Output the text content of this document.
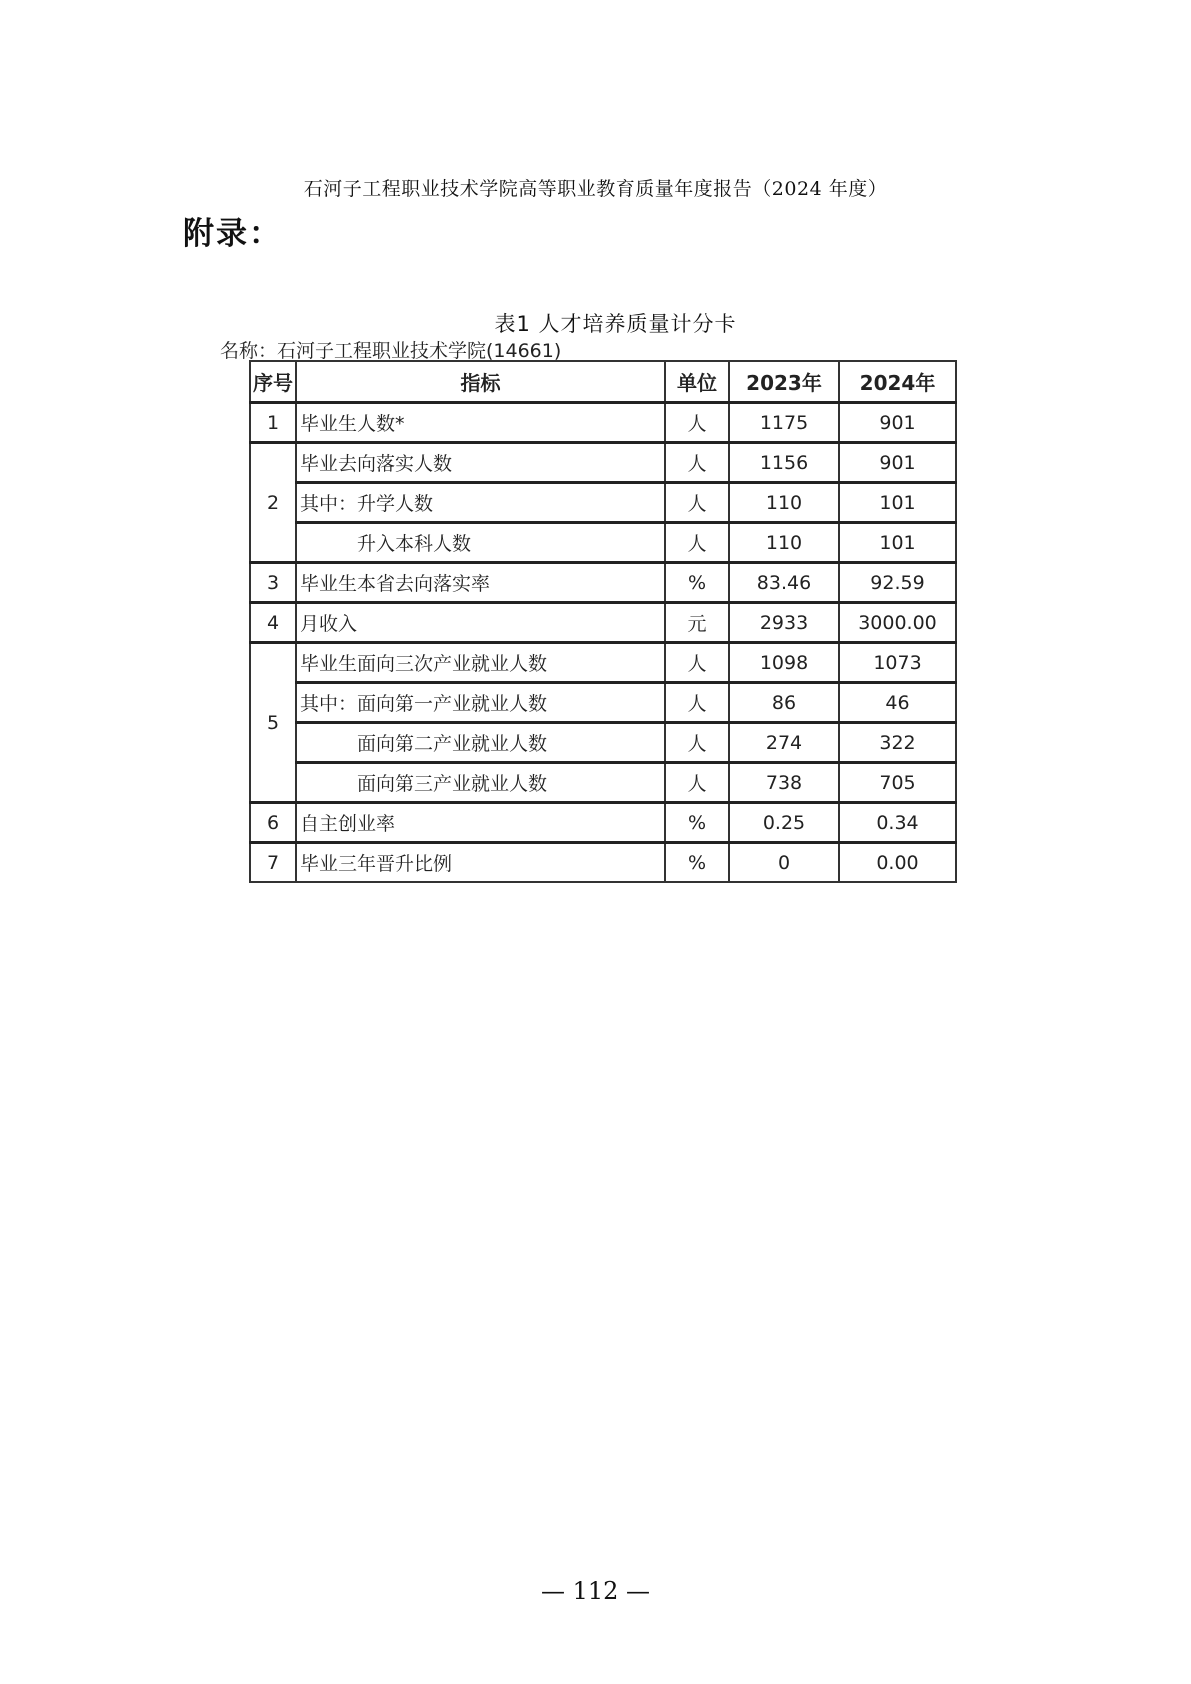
石河子工程职业技术学院高等职业教育质量年度报告（2024 年度）
附录：
表1 人才培养质量计分卡
名称：石河子工程职业技术学院(14661)
序号	指标	单位	2023年	2024年
1	毕业生人数*	人	1175	901
2	毕业去向落实人数	人	1156	901
	其中：升学人数	人	110	101
	升入本科人数	人	110	101
3	毕业生本省去向落实率	%	83.46	92.59
4	月收入	元	2933	3000.00
5	毕业生面向三次产业就业人数	人	1098	1073
	其中：面向第一产业就业人数	人	86	46
	面向第二产业就业人数	人	274	322
	面向第三产业就业人数	人	738	705
6	自主创业率	%	0.25	0.34
7	毕业三年晋升比例	%	0	0.00
— 112 —
